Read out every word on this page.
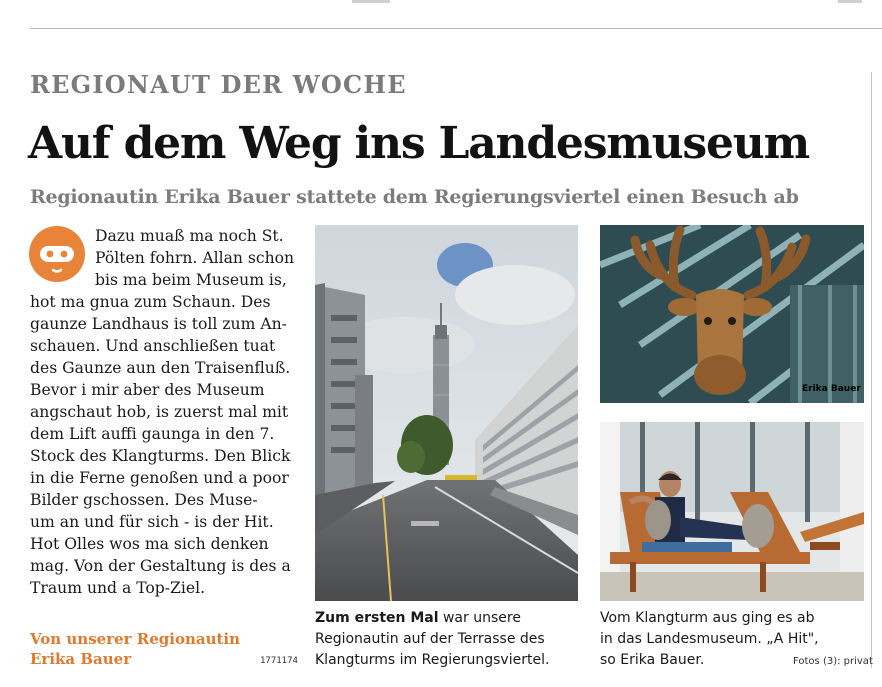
REGIONAUT DER WOCHE
Auf dem Weg ins Landesmuseum
Regionautin Erika Bauer stattete dem Regierungsviertel einen Besuch ab
Dazu muaß ma noch St.
Pölten fohrn. Allan schon
bis ma beim Museum is,
hot ma gnua zum Schaun. Des
gaunze Landhaus is toll zum An-
schauen. Und anschließen tuat
des Gaunze aun den Traisenfluß.
Bevor i mir aber des Museum
angschaut hob, is zuerst mal mit
dem Lift auffi gaunga in den 7.
Stock des Klangturms. Den Blick
in die Ferne genoßen und a poor
Bilder gschossen. Des Muse-
um an und für sich - is der Hit.
Hot Olles wos ma sich denken
mag. Von der Gestaltung is des a
Traum und a Top-Ziel.
Von unserer Regionautin
Erika Bauer	1771174
Erika Bauer
Zum ersten Mal war unsere
Regionautin auf der Terrasse des
Klangturms im Regierungsviertel.
Vom Klangturm aus ging es ab
in das Landesmuseum. „A Hit",
so Erika Bauer.	Fotos (3): privat
